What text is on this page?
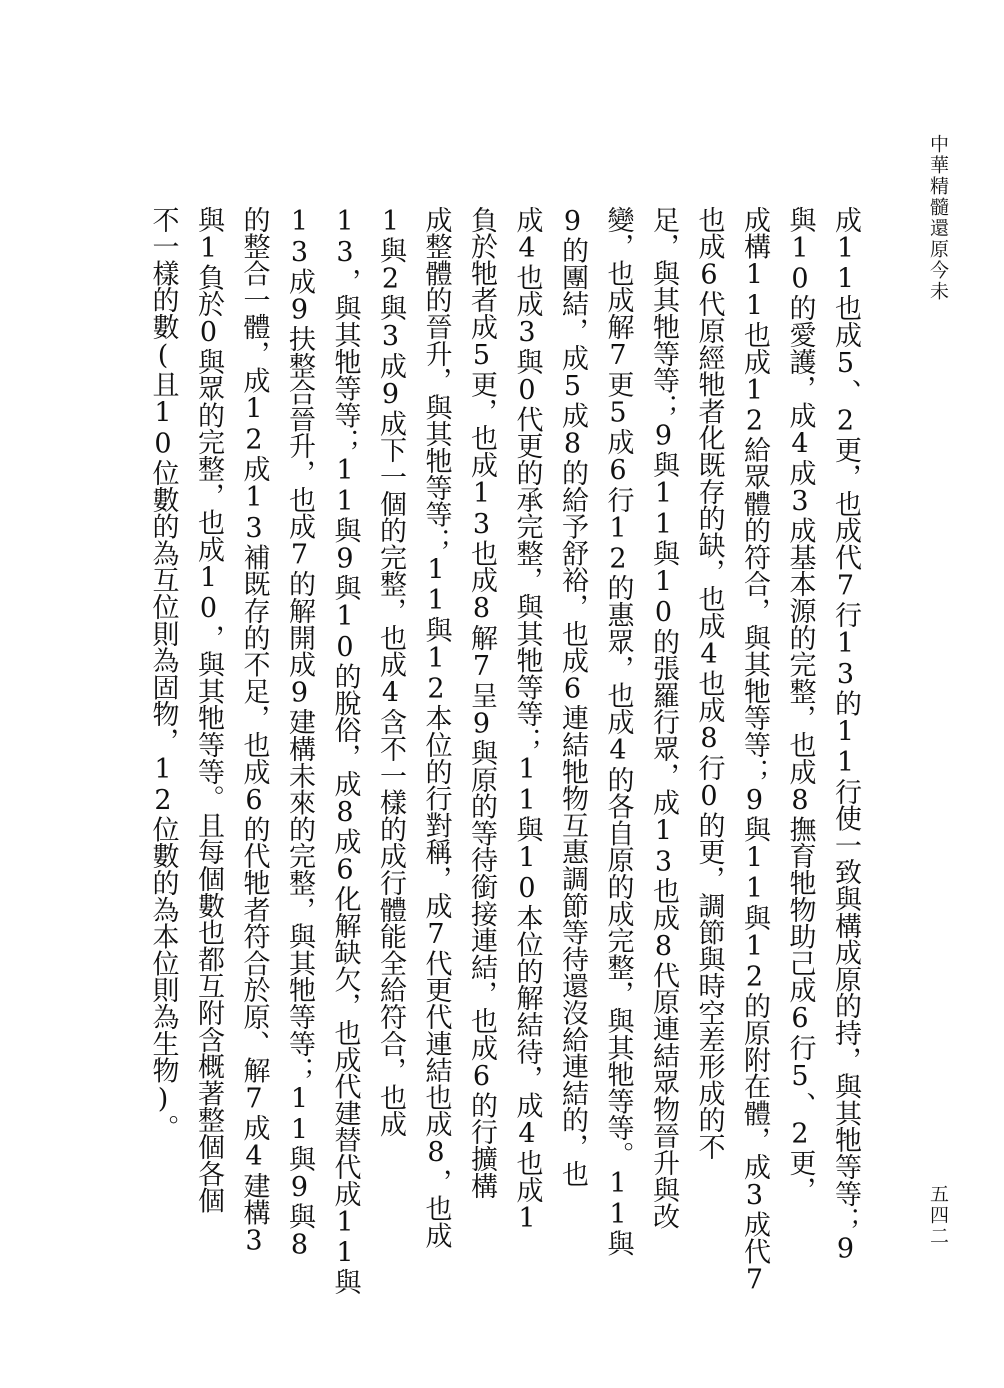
中華精髓還原今未
成11也成5、2更，也成代7行13的11行使一致與構成原的持，與其牠等等；9
與10的愛護，成4成3成基本源的完整，也成8撫育牠物助己成6行5、2更，
成構11也成12給眾體的符合，與其牠等等；9與11與12的原附在體，成3成代7
也成6代原經牠者化既存的缺，也成4也成8行0的更，調節與時空差形成的不
足，與其牠等等；9與11與10的張羅行眾，成13也成8代原連結眾物晉升與改
變，也成解7更5成6行12的惠眾，也成4的各自原的成完整，與其牠等等。11與
9的團結，成5成8的給予舒裕，也成6連結牠物互惠調節等待還沒給連結的，也
成4也成3與0代更的承完整，與其牠等等；11與10本位的解結待，成4也成1
負於牠者成5更，也成13也成8解7呈9與原的等待銜接連結，也成6的行擴構
成整體的晉升，與其牠等等；11與12本位的行對稱，成7代更代連結也成8，也成
1與2與3成9成下一個的完整，也成4含不一樣的成行體能全給符合，也成
13，與其牠等等；11與9與10的脫俗，成8成6化解缺欠，也成代建替代成11與
13成9扶整合晉升，也成7的解開成9建構未來的完整，與其牠等等；11與9與8
的整合一體，成12成13補既存的不足，也成6的代牠者符合於原、解7成4建構3
與1負於0與眾的完整，也成10，與其牠等等。且每個數也都互附含概著整個各個
不一樣的數(且10位數的為互位則為固物，12位數的為本位則為生物)。
五四二
